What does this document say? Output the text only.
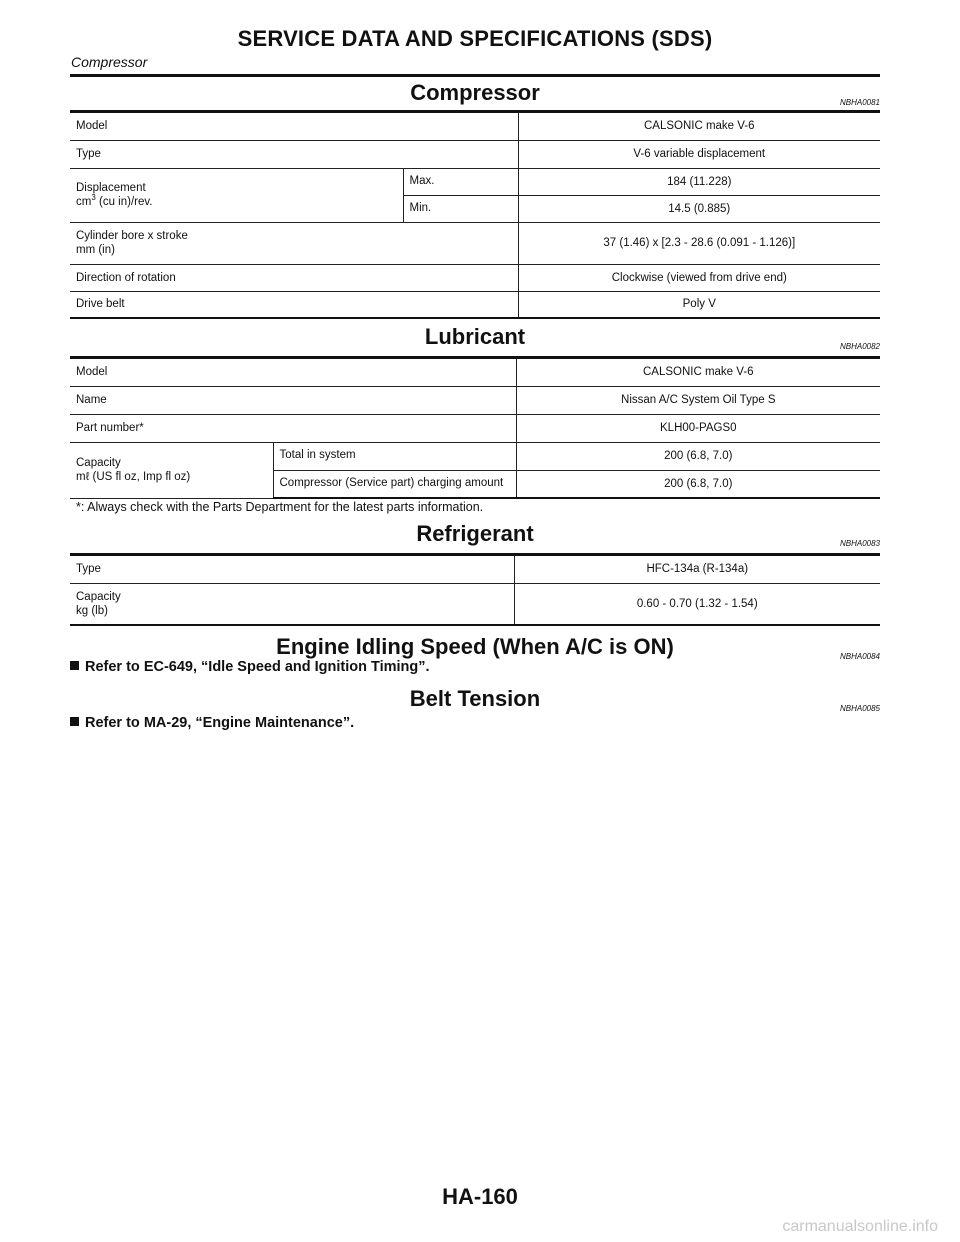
SERVICE DATA AND SPECIFICATIONS (SDS)
Compressor
Compressor	NBHA0081
Model		CALSONIC make V-6
Type		V-6 variable displacement
Displacement
$cm^3$ (cu in)/rev.	Max.	184 (11.228)
	Min.	14.5 (0.885)
Cylinder bore x stroke
mm (in)		37 (1.46) x [2.3 - 28.6 (0.091 - 1.126)]
Direction of rotation		Clockwise (viewed from drive end)
Drive belt		Poly V
Lubricant	NBHA0082
Model		CALSONIC make V-6
Name		Nissan A/C System Oil Type S
Part number*		KLH00-PAGS0
Capacity
mℓ (US fl oz, Imp fl oz)	Total in system	200 (6.8, 7.0)
	Compressor (Service part) charging amount	200 (6.8, 7.0)
*: Always check with the Parts Department for the latest parts information.
Refrigerant	NBHA0083
Type	HFC-134a (R-134a)
Capacity
kg (lb)	0.60 - 0.70 (1.32 - 1.54)
Engine Idling Speed (When A/C is ON)	NBHA0084
Refer to EC-649, “Idle Speed and Ignition Timing”.
Belt Tension	NBHA0085
Refer to MA-29, “Engine Maintenance”.
HA-160
carmanualsonline.info
